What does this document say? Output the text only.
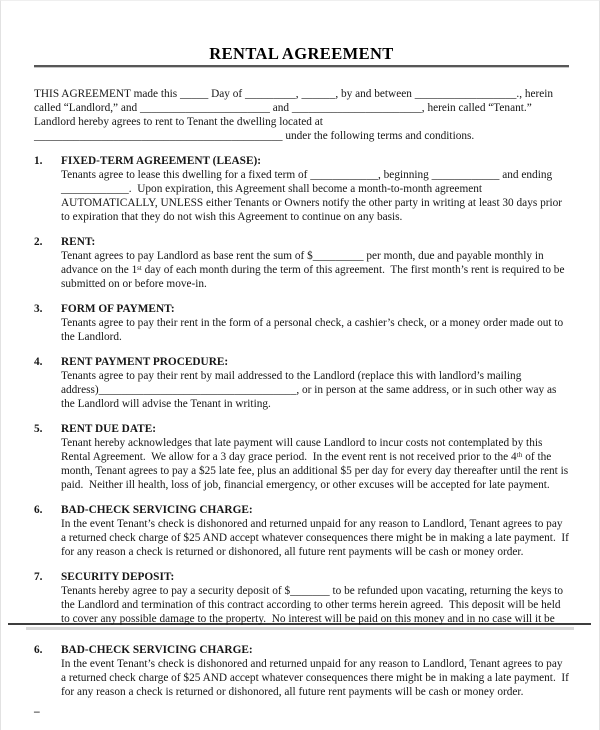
RENTAL AGREEMENT

THIS AGREEMENT made this _____ Day of _________, ______, by and between __________________., herein called “Landlord,” and _______________________ and _______________________, herein called “Tenant.”  Landlord hereby agrees to rent to Tenant the dwelling located at ____________________________________________ under the following terms and conditions.

1.	FIXED-TERM AGREEMENT (LEASE):
Tenants agree to lease this dwelling for a fixed term of ____________, beginning ____________ and ending ____________.  Upon expiration, this Agreement shall become a month-to-month agreement AUTOMATICALLY, UNLESS either Tenants or Owners notify the other party in writing at least 30 days prior to expiration that they do not wish this Agreement to continue on any basis.
2.	RENT:
Tenant agrees to pay Landlord as base rent the sum of $_________ per month, due and payable monthly in advance on the 1ˢᵗ day of each month during the term of this agreement.  The first month’s rent is required to be submitted on or before move-in.
3.	FORM OF PAYMENT:
Tenants agree to pay their rent in the form of a personal check, a cashier’s check, or a money order made out to the Landlord.
4.	RENT PAYMENT PROCEDURE:
Tenants agree to pay their rent by mail addressed to the Landlord (replace this with landlord’s mailing address)___________________________________, or in person at the same address, or in such other way as the Landlord will advise the Tenant in writing.
5.	RENT DUE DATE:
Tenant hereby acknowledges that late payment will cause Landlord to incur costs not contemplated by this Rental Agreement.  We allow for a 3 day grace period.  In the event rent is not received prior to the 4ᵗʰ of the month, Tenant agrees to pay a $25 late fee, plus an additional $5 per day for every day thereafter until the rent is paid.  Neither ill health, loss of job, financial emergency, or other excuses will be accepted for late payment.
6.	BAD-CHECK SERVICING CHARGE:
In the event Tenant’s check is dishonored and returned unpaid for any reason to Landlord, Tenant agrees to pay a returned check charge of $25 AND accept whatever consequences there might be in making a late payment.  If for any reason a check is returned or dishonored, all future rent payments will be cash or money order.
7.	SECURITY DEPOSIT:
Tenants hereby agree to pay a security deposit of $_______ to be refunded upon vacating, returning the keys to the Landlord and termination of this contract according to other terms herein agreed.  This deposit will be held to cover any possible damage to the property.  No interest will be paid on this money and in no case will it be
6.	BAD-CHECK SERVICING CHARGE:
In the event Tenant’s check is dishonored and returned unpaid for any reason to Landlord, Tenant agrees to pay a returned check charge of $25 AND accept whatever consequences there might be in making a late payment.  If for any reason a check is returned or dishonored, all future rent payments will be cash or money order.
–
